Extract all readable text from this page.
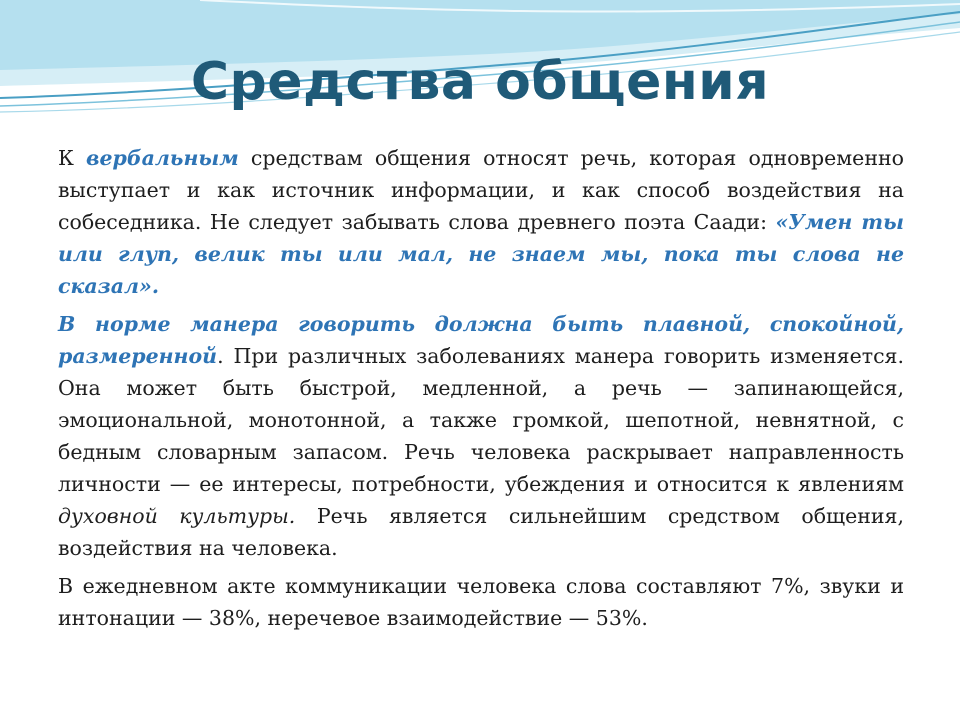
Средства общения

К вербальным средствам общения относят речь, которая одновременно выступает и как источник информации, и как способ воздействия на собеседника. Не следует забывать слова древнего поэта Саади: «Умен ты или глуп, велик ты или мал, не знаем мы, пока ты слова не сказал».

В норме манера говорить должна быть плавной, спокойной, размеренной. При различных заболеваниях манера говорить изменяется. Она может быть быстрой, медленной, а речь — запинающейся, эмоциональной, монотонной, а также громкой, шепотной, невнятной, с бедным словарным запасом. Речь человека раскрывает направленность личности — ее интересы, потребности, убеждения и относится к явлениям духовной культуры. Речь является сильнейшим средством общения, воздействия на человека.

В ежедневном акте коммуникации человека слова составляют 7%, звуки и интонации — 38%, неречевое взаимодействие — 53%.
